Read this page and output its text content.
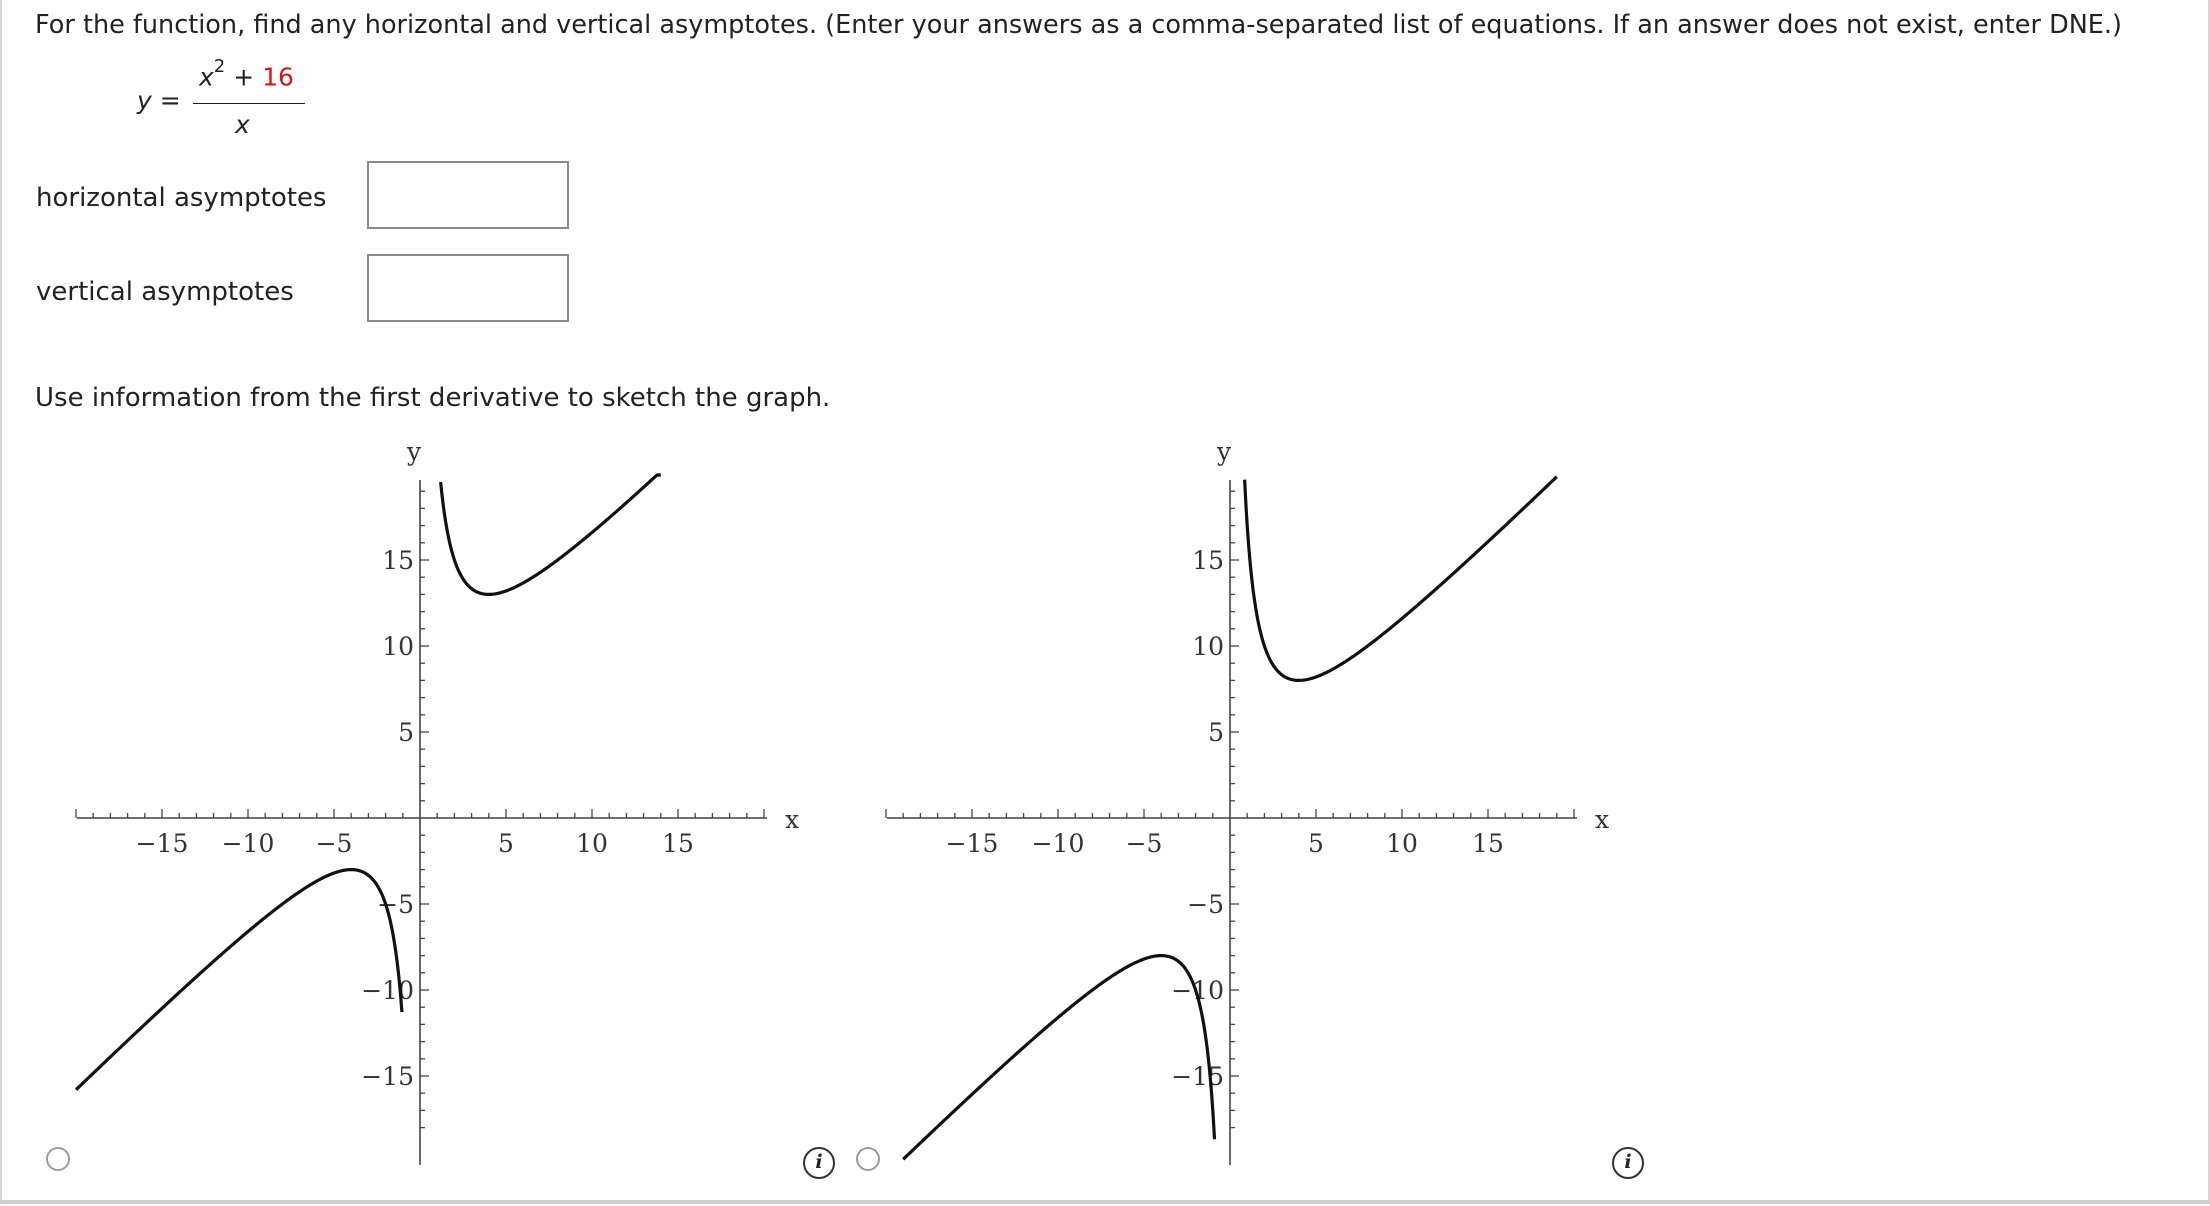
For the function, find any horizontal and vertical asymptotes. (Enter your answers as a comma-separated list of equations. If an answer does not exist, enter DNE.)
y =
$x^2 + 16$
x
horizontal asymptotes
vertical asymptotes
Use information from the first derivative to sketch the graph.
x
y
−15 −10 −5	5 10 15
15
10
5
−5
−10
−15
x
y
−15 −10 −5	5 10 15
15
10
5
−5
−10
−15
i	i
